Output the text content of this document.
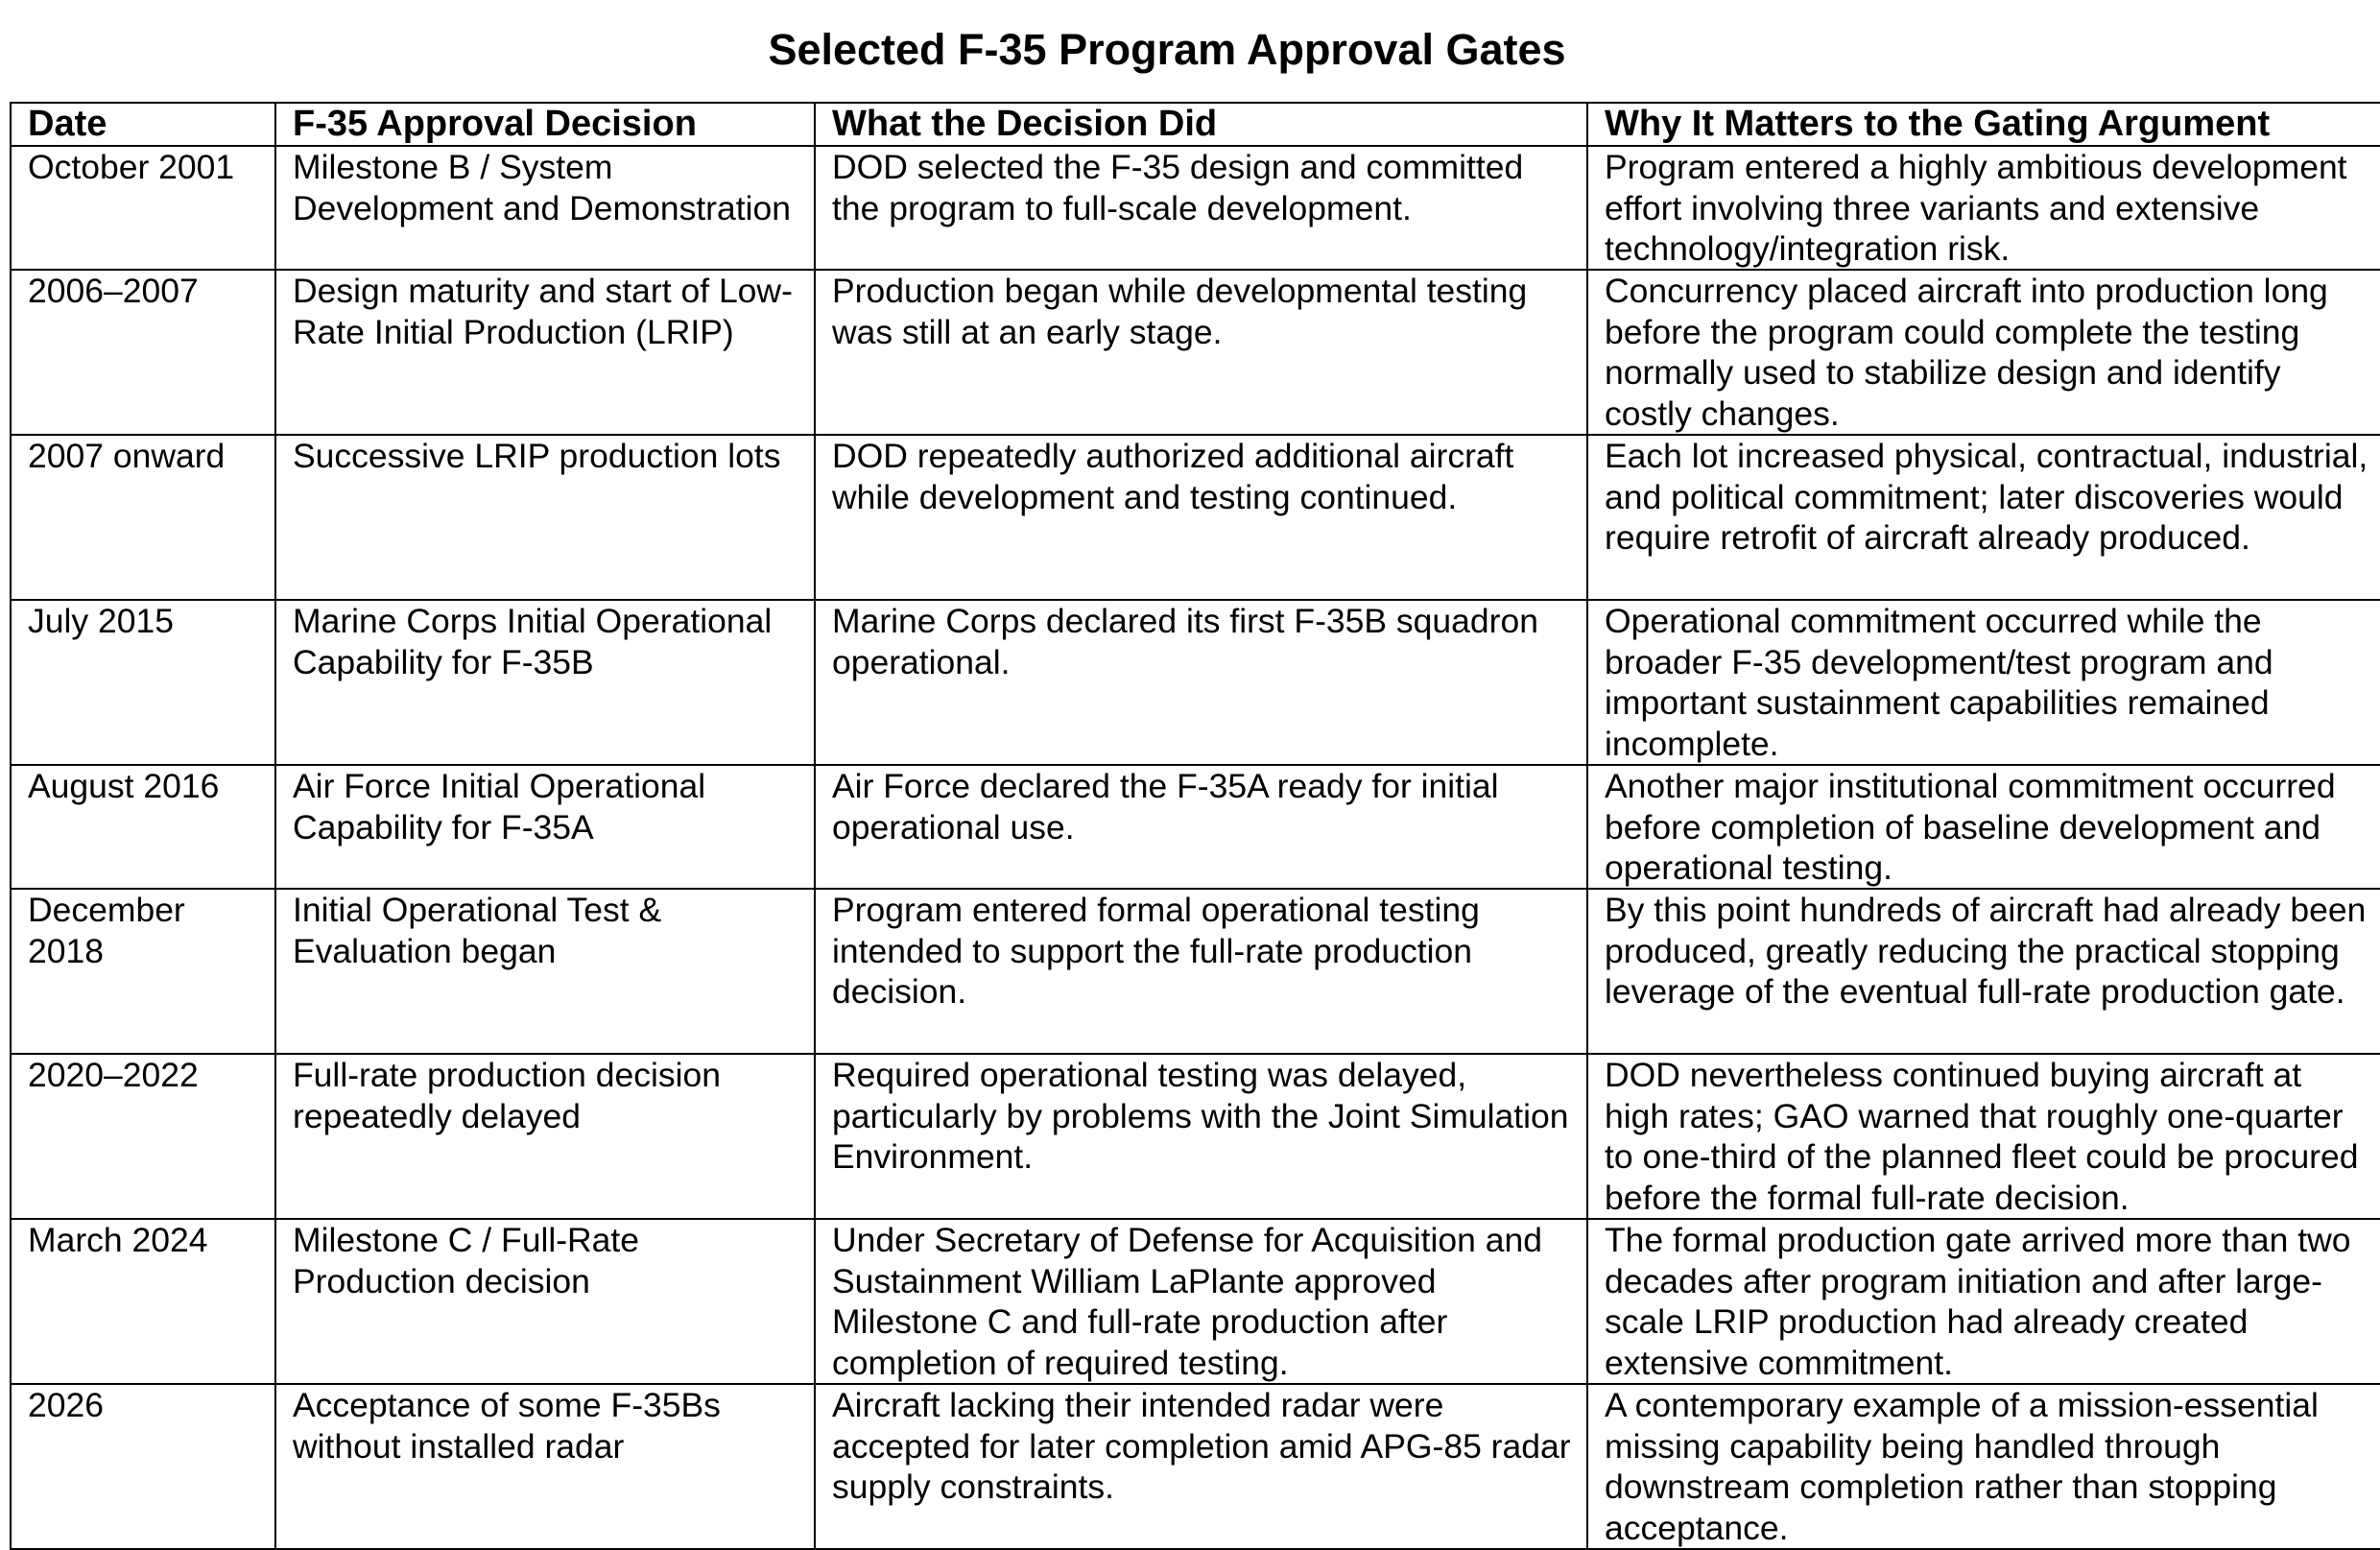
Selected F-35 Program Approval Gates
Date	F-35 Approval Decision	What the Decision Did	Why It Matters to the Gating Argument

October 2001	Milestone B / System Development and Demonstration	DOD selected the F-35 design and committed the program to full-scale development.	Program entered a highly ambitious development effort involving three variants and extensive technology/integration risk.

2006–2007	Design maturity and start of Low-Rate Initial Production (LRIP)	Production began while developmental testing was still at an early stage.	Concurrency placed aircraft into production long before the program could complete the testing normally used to stabilize design and identify costly changes.

2007 onward	Successive LRIP production lots	DOD repeatedly authorized additional aircraft while development and testing continued.	Each lot increased physical, contractual, industrial, and political commitment; later discoveries would require retrofit of aircraft already produced.

July 2015	Marine Corps Initial Operational Capability for F-35B	Marine Corps declared its first F-35B squadron operational.	Operational commitment occurred while the broader F-35 development/test program and important sustainment capabilities remained incomplete.

August 2016	Air Force Initial Operational Capability for F-35A	Air Force declared the F-35A ready for initial operational use.	Another major institutional commitment occurred before completion of baseline development and operational testing.

December 2018	Initial Operational Test & Evaluation began	Program entered formal operational testing intended to support the full-rate production decision.	By this point hundreds of aircraft had already been produced, greatly reducing the practical stopping leverage of the eventual full-rate production gate.

2020–2022	Full-rate production decision repeatedly delayed	Required operational testing was delayed, particularly by problems with the Joint Simulation Environment.	DOD nevertheless continued buying aircraft at high rates; GAO warned that roughly one-quarter to one-third of the planned fleet could be procured before the formal full-rate decision.

March 2024	Milestone C / Full-Rate Production decision	Under Secretary of Defense for Acquisition and Sustainment William LaPlante approved Milestone C and full-rate production after completion of required testing.	The formal production gate arrived more than two decades after program initiation and after large-scale LRIP production had already created extensive commitment.

2026	Acceptance of some F-35Bs without installed radar	Aircraft lacking their intended radar were accepted for later completion amid APG-85 radar supply constraints.	A contemporary example of a mission-essential missing capability being handled through downstream completion rather than stopping acceptance.
